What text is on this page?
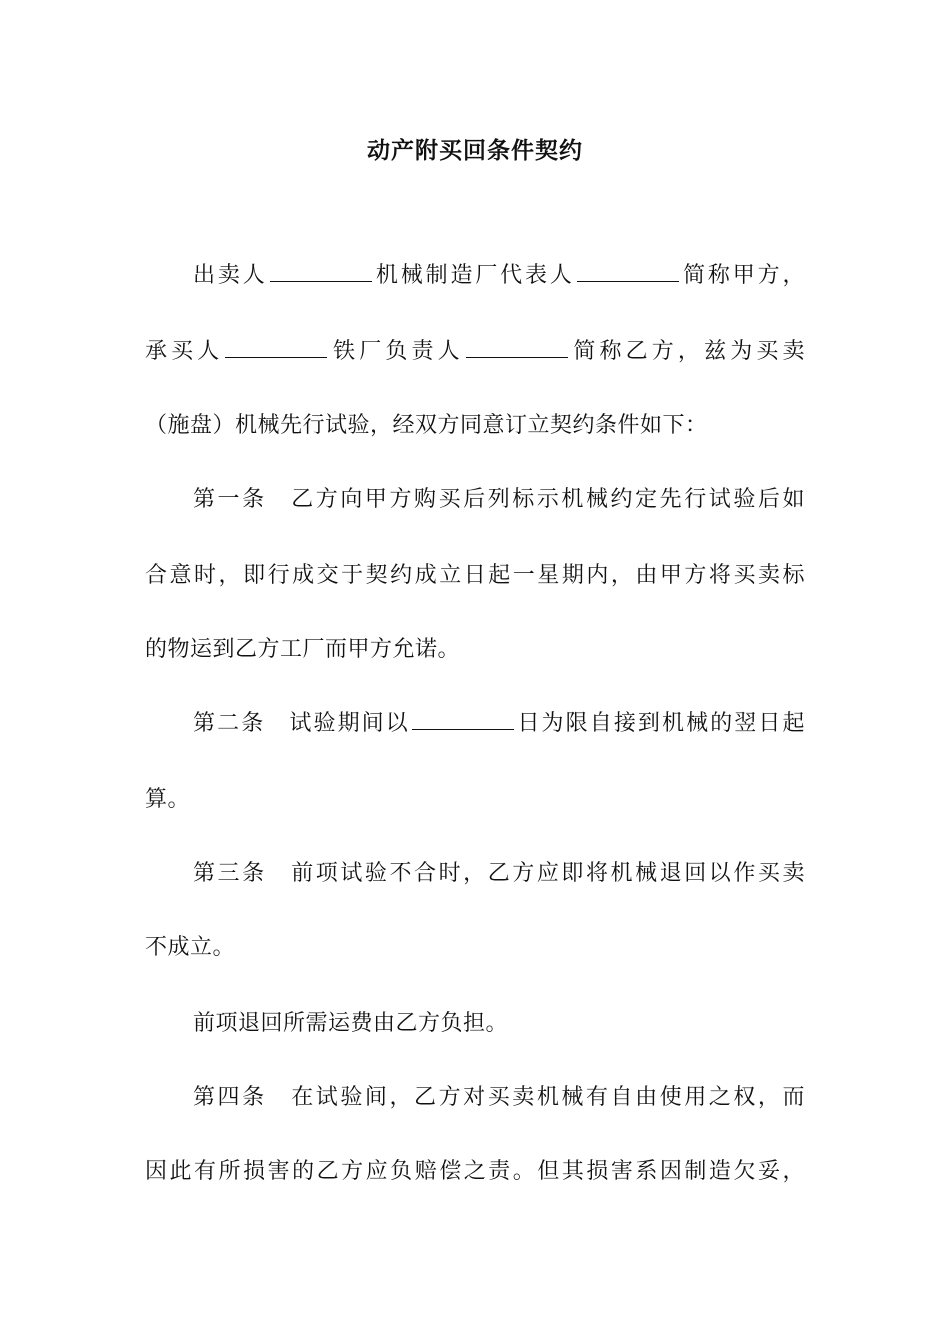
动产附买回条件契约
出卖人	机械制造厂代表人	简称甲方，
承买人	铁厂负责人	简称乙方，兹为买卖
（施盘）机械先行试验，经双方同意订立契约条件如下：
第一条　乙方向甲方购买后列标示机械约定先行试验后如
合意时，即行成交于契约成立日起一星期内，由甲方将买卖标
的物运到乙方工厂而甲方允诺。
第二条　试验期间以	日为限自接到机械的翌日起
算。
第三条　前项试验不合时，乙方应即将机械退回以作买卖
不成立。
前项退回所需运费由乙方负担。
第四条　在试验间，乙方对买卖机械有自由使用之权，而
因此有所损害的乙方应负赔偿之责。但其损害系因制造欠妥，
